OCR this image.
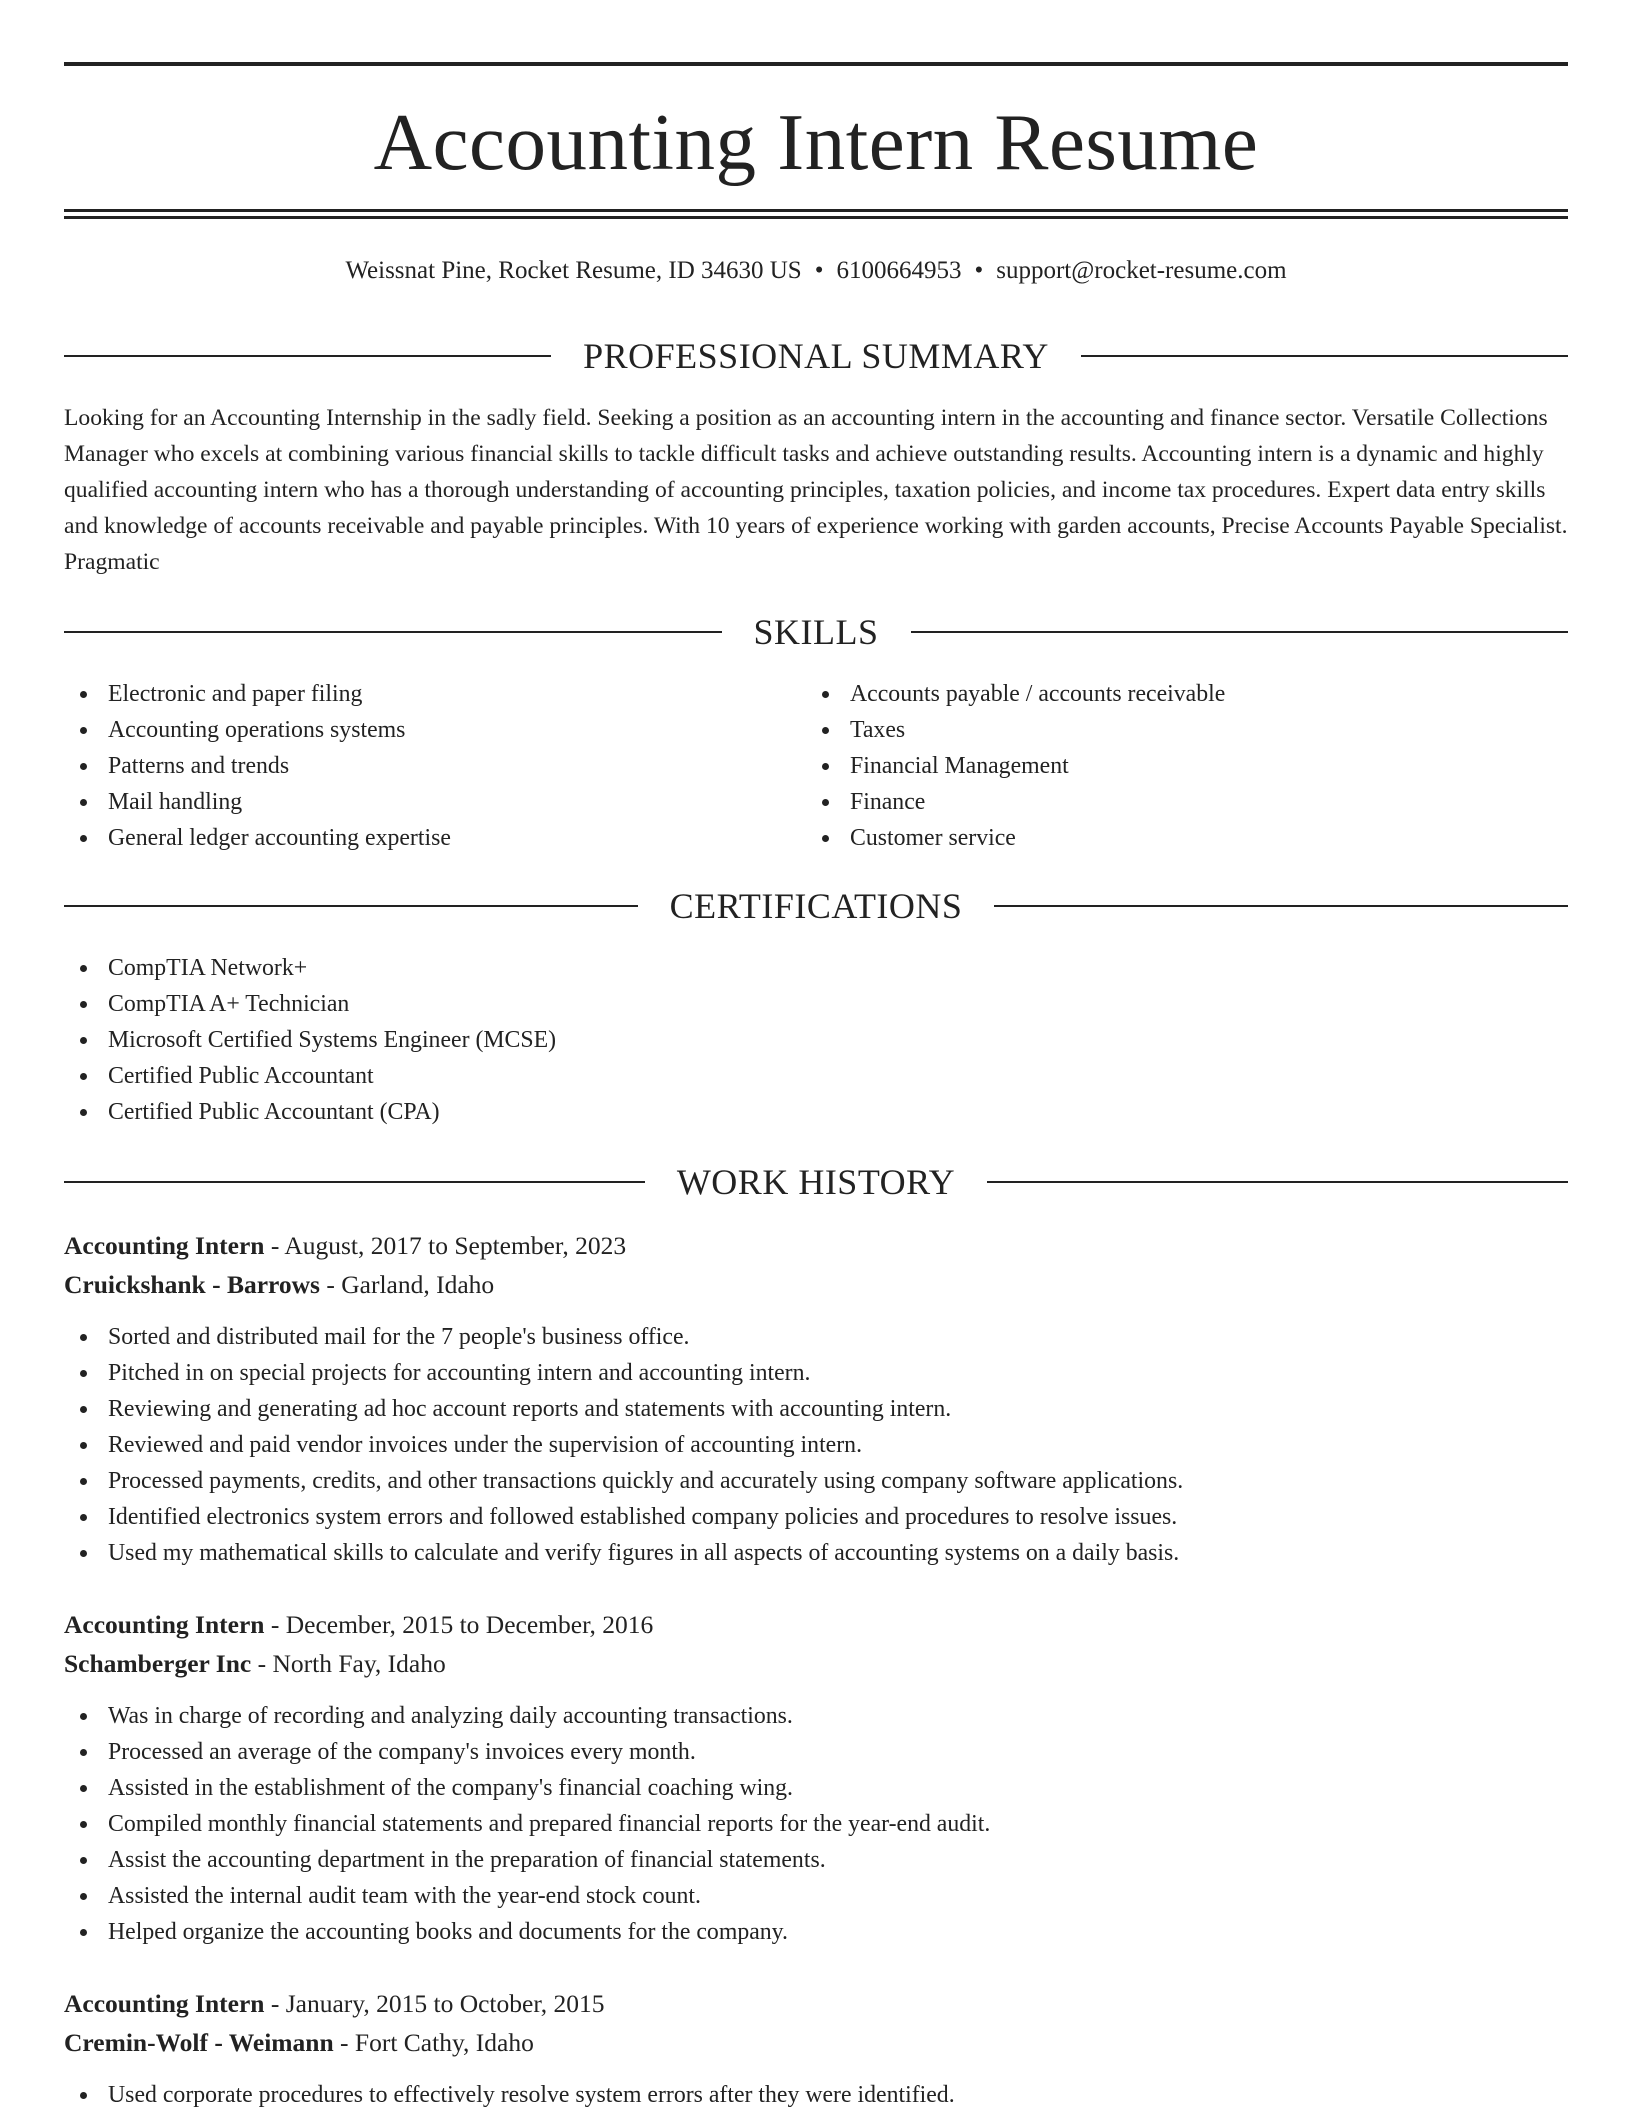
Accounting Intern Resume
Weissnat Pine, Rocket Resume, ID 34630 US • 6100664953 • support@rocket-resume.com
PROFESSIONAL SUMMARY

Looking for an Accounting Internship in the sadly field. Seeking a position as an accounting intern in the accounting and finance sector. Versatile Collections Manager who excels at combining various financial skills to tackle difficult tasks and achieve outstanding results. Accounting intern is a dynamic and highly qualified accounting intern who has a thorough understanding of accounting principles, taxation policies, and income tax procedures. Expert data entry skills and knowledge of accounts receivable and payable principles. With 10 years of experience working with garden accounts, Precise Accounts Payable Specialist. Pragmatic

SKILLS
Electronic and paper filing
Accounting operations systems
Patterns and trends
Mail handling
General ledger accounting expertise
Accounts payable / accounts receivable
Taxes
Financial Management
Finance
Customer service
CERTIFICATIONS
CompTIA Network+
CompTIA A+ Technician
Microsoft Certified Systems Engineer (MCSE)
Certified Public Accountant
Certified Public Accountant (CPA)
WORK HISTORY
Accounting Intern - August, 2017 to September, 2023
Cruickshank - Barrows - Garland, Idaho
Sorted and distributed mail for the 7 people's business office.
Pitched in on special projects for accounting intern and accounting intern.
Reviewing and generating ad hoc account reports and statements with accounting intern.
Reviewed and paid vendor invoices under the supervision of accounting intern.
Processed payments, credits, and other transactions quickly and accurately using company software applications.
Identified electronics system errors and followed established company policies and procedures to resolve issues.
Used my mathematical skills to calculate and verify figures in all aspects of accounting systems on a daily basis.
Accounting Intern - December, 2015 to December, 2016
Schamberger Inc - North Fay, Idaho
Was in charge of recording and analyzing daily accounting transactions.
Processed an average of the company's invoices every month.
Assisted in the establishment of the company's financial coaching wing.
Compiled monthly financial statements and prepared financial reports for the year-end audit.
Assist the accounting department in the preparation of financial statements.
Assisted the internal audit team with the year-end stock count.
Helped organize the accounting books and documents for the company.
Accounting Intern - January, 2015 to October, 2015
Cremin-Wolf - Weimann - Fort Cathy, Idaho
Used corporate procedures to effectively resolve system errors after they were identified.
